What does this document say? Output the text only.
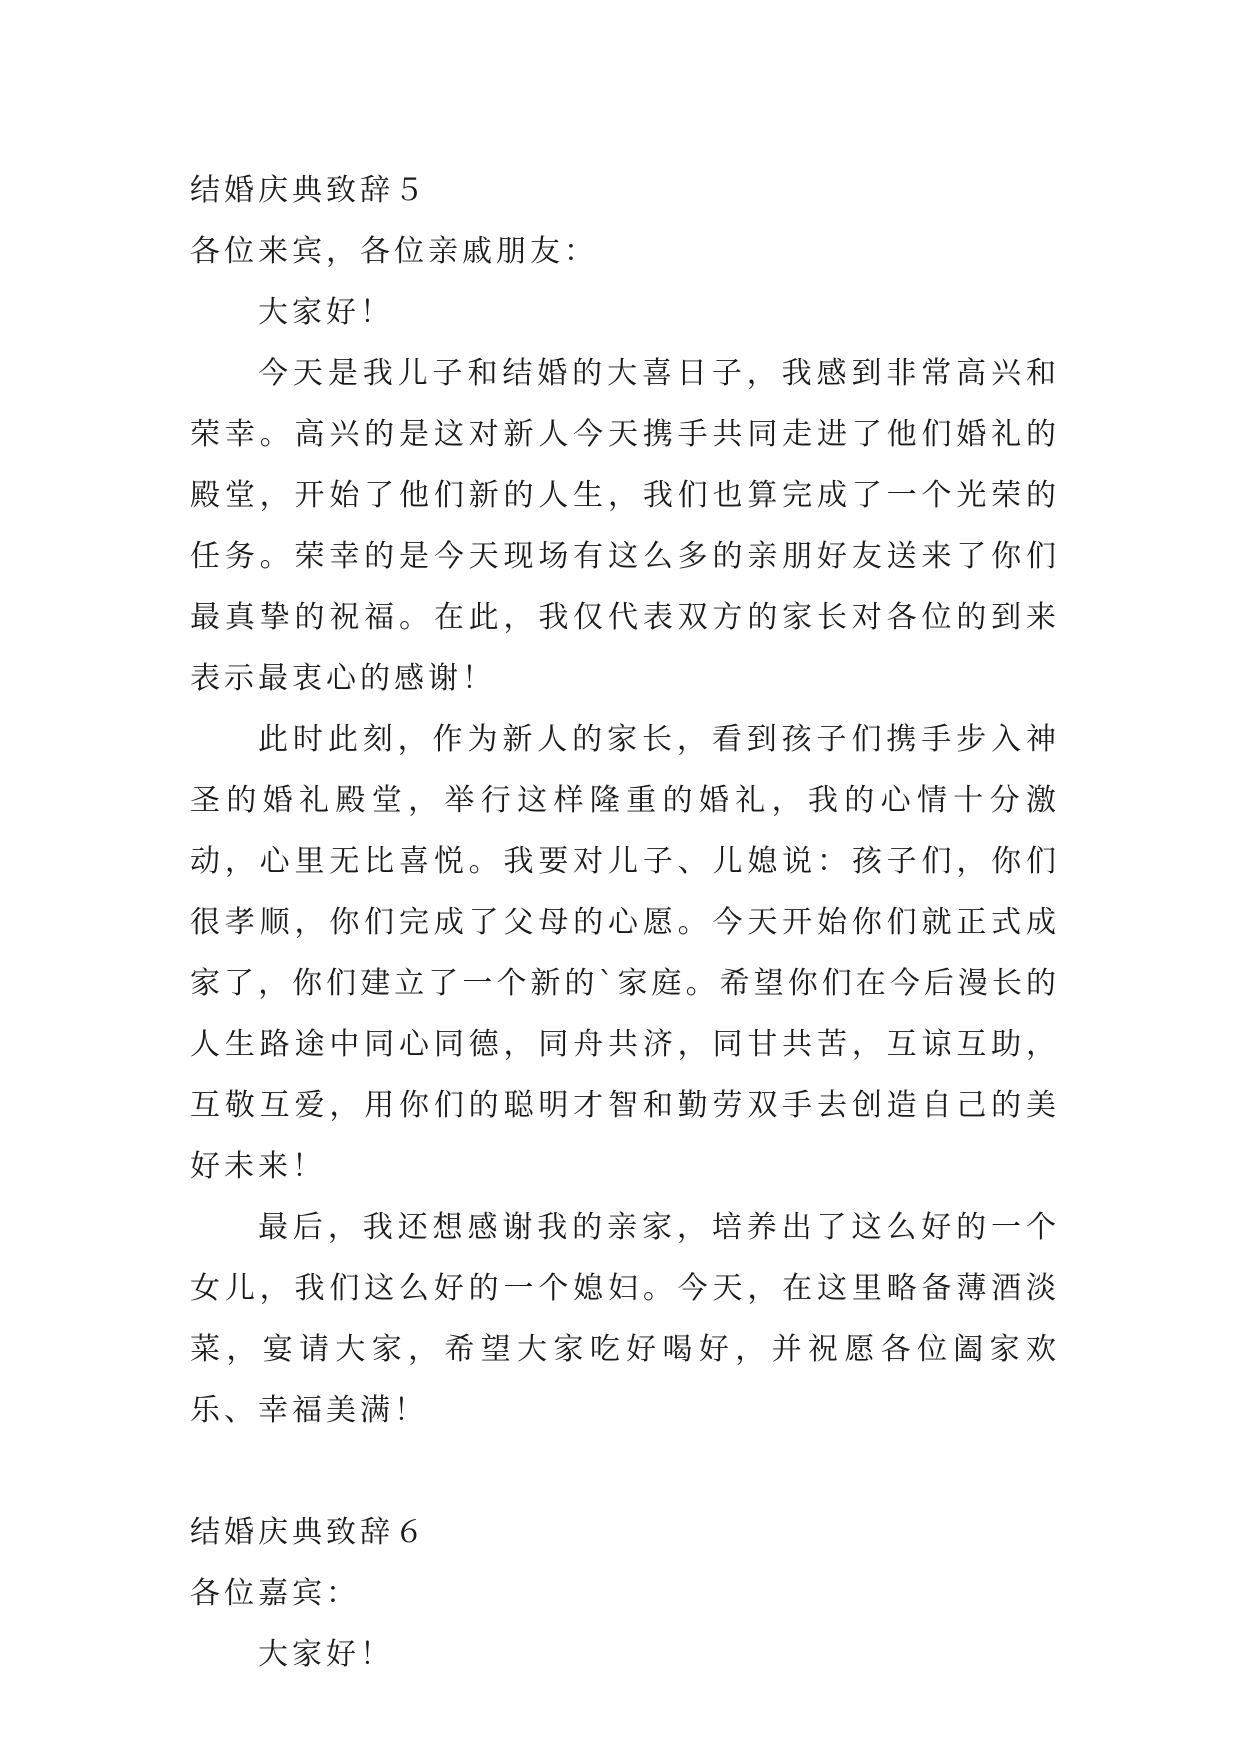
结婚庆典致辞５

各位来宾，各位亲戚朋友：

大家好！

今天是我儿子和结婚的大喜日子，我感到非常高兴和荣幸。高兴的是这对新人今天携手共同走进了他们婚礼的殿堂，开始了他们新的人生，我们也算完成了一个光荣的任务。荣幸的是今天现场有这么多的亲朋好友送来了你们最真挚的祝福。在此，我仅代表双方的家长对各位的到来表示最衷心的感谢！

此时此刻，作为新人的家长，看到孩子们携手步入神圣的婚礼殿堂，举行这样隆重的婚礼，我的心情十分激动，心里无比喜悦。我要对儿子、儿媳说：孩子们，你们很孝顺，你们完成了父母的心愿。今天开始你们就正式成家了，你们建立了一个新的`家庭。希望你们在今后漫长的人生路途中同心同德，同舟共济，同甘共苦，互谅互助，互敬互爱，用你们的聪明才智和勤劳双手去创造自己的美好未来！

最后，我还想感谢我的亲家，培养出了这么好的一个女儿，我们这么好的一个媳妇。今天，在这里略备薄酒淡菜，宴请大家，希望大家吃好喝好，并祝愿各位阖家欢乐、幸福美满！

结婚庆典致辞６

各位嘉宾：

大家好！
